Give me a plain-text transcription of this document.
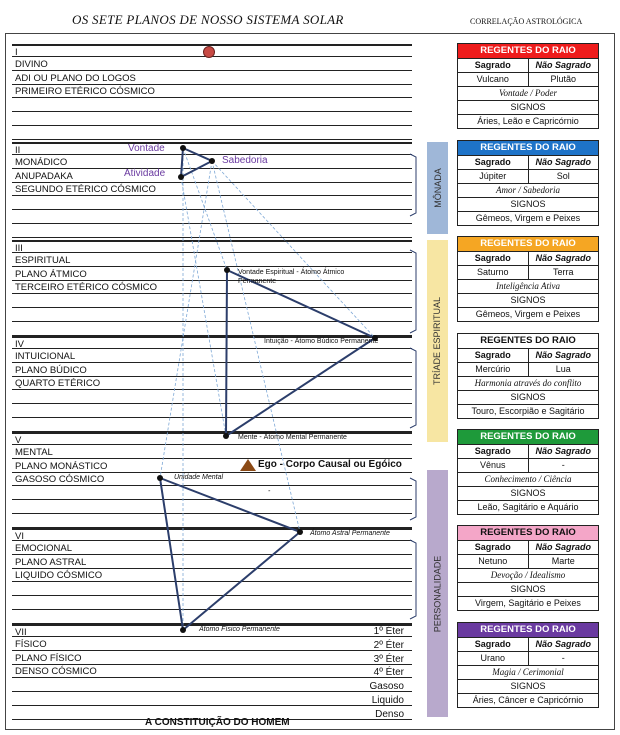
OS SETE PLANOS DE NOSSO SISTEMA SOLAR	CORRELAÇÃO ASTROLÓGICA
I
DIVINO
ADI OU PLANO DO LOGOS
PRIMEIRO ETÉRICO CÓSMICO
II
MONÁDICO
ANUPADAKA
SEGUNDO ETÉRICO CÓSMICO
III
ESPIRITUAL
PLANO ÁTMICO
TERCEIRO ETÉRICO CÓSMICO
IV
INTUICIONAL
PLANO BÚDICO
QUARTO ETÉRICO
V
MENTAL
PLANO MONÁSTICO
GASOSO CÓSMICO
VI
EMOCIONAL
PLANO ASTRAL
LIQUIDO CÓSMICO
VII
FÍSICO
PLANO FÍSICO
DENSO CÓSMICO
MÔNADA
TRÍADE ESPIRITUAL
PERSONALIDADE
REGENTES DO RAIO
Sagrado	Não Sagrado
Vulcano	Plutão
Vontade / Poder
SIGNOS
Áries, Leão e Capricórnio
REGENTES DO RAIO
Sagrado	Não Sagrado
Júpiter	Sol
Amor / Sabedoria
SIGNOS
Gêmeos, Virgem e Peixes
REGENTES DO RAIO
Sagrado	Não Sagrado
Saturno	Terra
Inteligência Ativa
SIGNOS
Gêmeos, Virgem e Peixes
REGENTES DO RAIO
Sagrado	Não Sagrado
Mercúrio	Lua
Harmonia através do conflito
SIGNOS
Touro, Escorpião e Sagitário
REGENTES DO RAIO
Sagrado	Não Sagrado
Vênus	-
Conhecimento / Ciência
SIGNOS
Leão, Sagitário e Aquário
REGENTES DO RAIO
Sagrado	Não Sagrado
Netuno	Marte
Devoção / Idealismo
SIGNOS
Virgem, Sagitário e Peixes
REGENTES DO RAIO
Sagrado	Não Sagrado
Urano	-
Magia / Cerimonial
SIGNOS
Áries, Câncer e Capricórnio
Vontade
Sabedoria
Atividade
Vontade Espiritual - Átomo Átmico Permanente
Intuição - Átomo Búdico Permanente
Mente - Átomo Mental Permanente
Unidade Mental
-
Átomo Astral Permanente
Átomo Físico Permanente
Ego - Corpo Causal ou Egóico
A CONSTITUIÇÃO DO HOMEM
1º Éter
2º Éter
3º Éter
4º Éter
Gasoso
Liquido
Denso
